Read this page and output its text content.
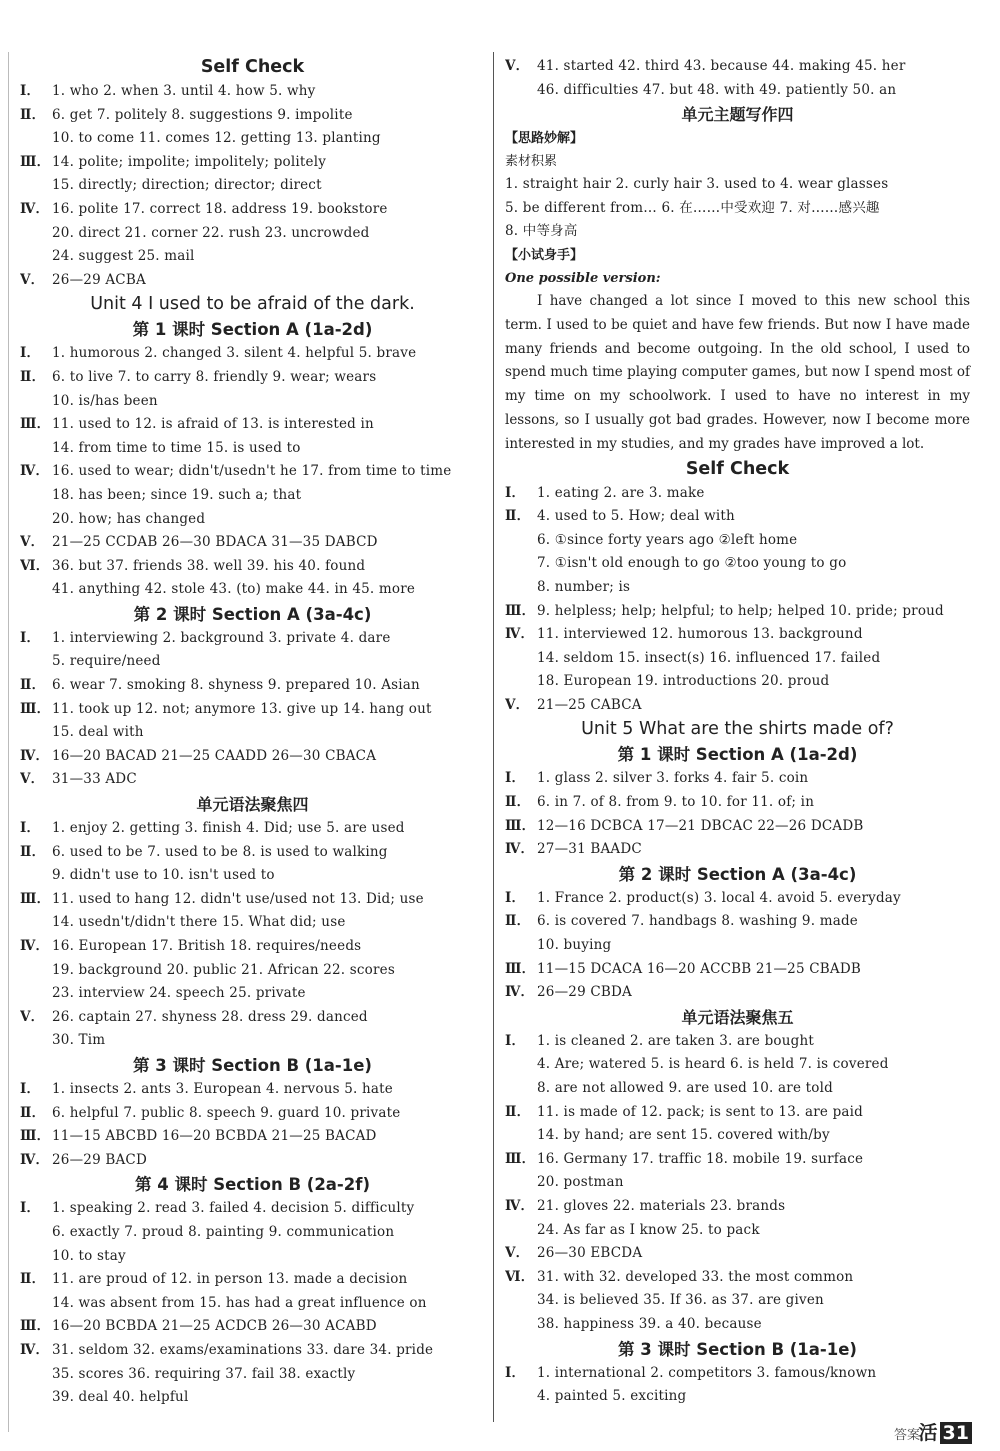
Self Check
Ⅰ． 1. who 2. when 3. until 4. how 5. why
Ⅱ． 6. get 7. politely 8. suggestions 9. impolite
10. to come 11. comes 12. getting 13. planting
Ⅲ． 14. polite; impolite; impolitely; politely
15. directly; direction; director; direct
Ⅳ． 16. polite 17. correct 18. address 19. bookstore
20. direct 21. corner 22. rush 23. uncrowded
24. suggest 25. mail
Ⅴ． 26—29 ACBA
Unit 4 I used to be afraid of the dark.
第 1 课时 Section A (1a-2d)
Ⅰ． 1. humorous 2. changed 3. silent 4. helpful 5. brave
Ⅱ． 6. to live 7. to carry 8. friendly 9. wear; wears
10. is/has been
Ⅲ． 11. used to 12. is afraid of 13. is interested in
14. from time to time 15. is used to
Ⅳ． 16. used to wear; didn't/usedn't he 17. from time to time
18. has been; since 19. such a; that
20. how; has changed
Ⅴ． 21—25 CCDAB 26—30 BDACA 31—35 DABCD
Ⅵ． 36. but 37. friends 38. well 39. his 40. found
41. anything 42. stole 43. (to) make 44. in 45. more
第 2 课时 Section A (3a-4c)
Ⅰ． 1. interviewing 2. background 3. private 4. dare
5. require/need
Ⅱ． 6. wear 7. smoking 8. shyness 9. prepared 10. Asian
Ⅲ． 11. took up 12. not; anymore 13. give up 14. hang out
15. deal with
Ⅳ． 16—20 BACAD 21—25 CAADD 26—30 CBACA
Ⅴ． 31—33 ADC
单元语法聚焦四
Ⅰ． 1. enjoy 2. getting 3. finish 4. Did; use 5. are used
Ⅱ． 6. used to be 7. used to be 8. is used to walking
9. didn't use to 10. isn't used to
Ⅲ． 11. used to hang 12. didn't use/used not 13. Did; use
14. usedn't/didn't there 15. What did; use
Ⅳ． 16. European 17. British 18. requires/needs
19. background 20. public 21. African 22. scores
23. interview 24. speech 25. private
Ⅴ． 26. captain 27. shyness 28. dress 29. danced
30. Tim
第 3 课时 Section B (1a-1e)
Ⅰ． 1. insects 2. ants 3. European 4. nervous 5. hate
Ⅱ． 6. helpful 7. public 8. speech 9. guard 10. private
Ⅲ． 11—15 ABCBD 16—20 BCBDA 21—25 BACAD
Ⅳ． 26—29 BACD
第 4 课时 Section B (2a-2f)
Ⅰ． 1. speaking 2. read 3. failed 4. decision 5. difficulty
6. exactly 7. proud 8. painting 9. communication
10. to stay
Ⅱ． 11. are proud of 12. in person 13. made a decision
14. was absent from 15. has had a great influence on
Ⅲ． 16—20 BCBDA 21—25 ACDCB 26—30 ACABD
Ⅳ． 31. seldom 32. exams/examinations 33. dare 34. pride
35. scores 36. requiring 37. fail 38. exactly
39. deal 40. helpful
Ⅴ． 41. started 42. third 43. because 44. making 45. her
46. difficulties 47. but 48. with 49. patiently 50. an
单元主题写作四
【思路妙解】
素材积累
1. straight hair 2. curly hair 3. used to 4. wear glasses
5. be different from… 6. 在……中受欢迎 7. 对……感兴趣
8. 中等身高
【小试身手】
One possible version:
I have changed a lot since I moved to this new school this term. I used to be quiet and have few friends. But now I have made many friends and become outgoing. In the old school, I used to spend much time playing computer games, but now I spend most of my time on my schoolwork. I used to have no interest in my lessons, so I usually got bad grades. However, now I become more interested in my studies, and my grades have improved a lot.
Self Check
Ⅰ． 1. eating 2. are 3. make
Ⅱ． 4. used to 5. How; deal with
6. ①since forty years ago ②left home
7. ①isn't old enough to go ②too young to go
8. number; is
Ⅲ． 9. helpless; help; helpful; to help; helped 10. pride; proud
Ⅳ． 11. interviewed 12. humorous 13. background
14. seldom 15. insect(s) 16. influenced 17. failed
18. European 19. introductions 20. proud
Ⅴ． 21—25 CABCA
Unit 5 What are the shirts made of?
第 1 课时 Section A (1a-2d)
Ⅰ． 1. glass 2. silver 3. forks 4. fair 5. coin
Ⅱ． 6. in 7. of 8. from 9. to 10. for 11. of; in
Ⅲ． 12—16 DCBCA 17—21 DBCAC 22—26 DCADB
Ⅳ． 27—31 BAADC
第 2 课时 Section A (3a-4c)
Ⅰ． 1. France 2. product(s) 3. local 4. avoid 5. everyday
Ⅱ． 6. is covered 7. handbags 8. washing 9. made
10. buying
Ⅲ． 11—15 DCACA 16—20 ACCBB 21—25 CBADB
Ⅳ． 26—29 CBDA
单元语法聚焦五
Ⅰ． 1. is cleaned 2. are taken 3. are bought
4. Are; watered 5. is heard 6. is held 7. is covered
8. are not allowed 9. are used 10. are told
Ⅱ． 11. is made of 12. pack; is sent to 13. are paid
14. by hand; are sent 15. covered with/by
Ⅲ． 16. Germany 17. traffic 18. mobile 19. surface
20. postman
Ⅳ． 21. gloves 22. materials 23. brands
24. As far as I know 25. to pack
Ⅴ． 26—30 EBCDA
Ⅵ． 31. with 32. developed 33. the most common
34. is believed 35. If 36. as 37. are given
38. happiness 39. a 40. because
第 3 课时 Section B (1a-1e)
Ⅰ． 1. international 2. competitors 3. famous/known
4. painted 5. exciting
答案
活 31
